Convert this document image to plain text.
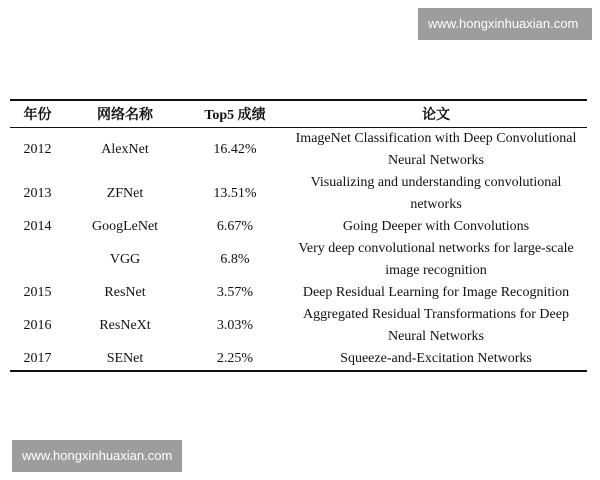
www.hongxinhuaxian.com
年份	网络名称	Top5 成绩	论文
2012	AlexNet	16.42%	ImageNet Classification with Deep Convolutional Neural Networks
2013	ZFNet	13.51%	Visualizing and understanding convolutional networks
2014	GoogLeNet	6.67%	Going Deeper with Convolutions
	VGG	6.8%	Very deep convolutional networks for large-scale image recognition
2015	ResNet	3.57%	Deep Residual Learning for Image Recognition
2016	ResNeXt	3.03%	Aggregated Residual Transformations for Deep Neural Networks
2017	SENet	2.25%	Squeeze-and-Excitation Networks
www.hongxinhuaxian.com
